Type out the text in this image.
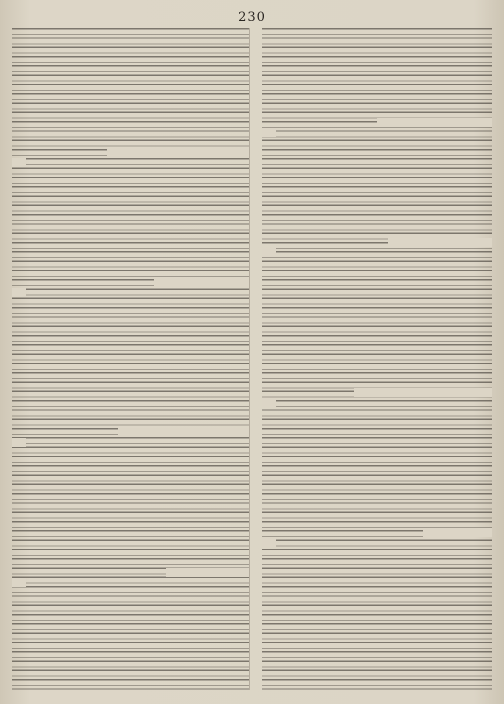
230
